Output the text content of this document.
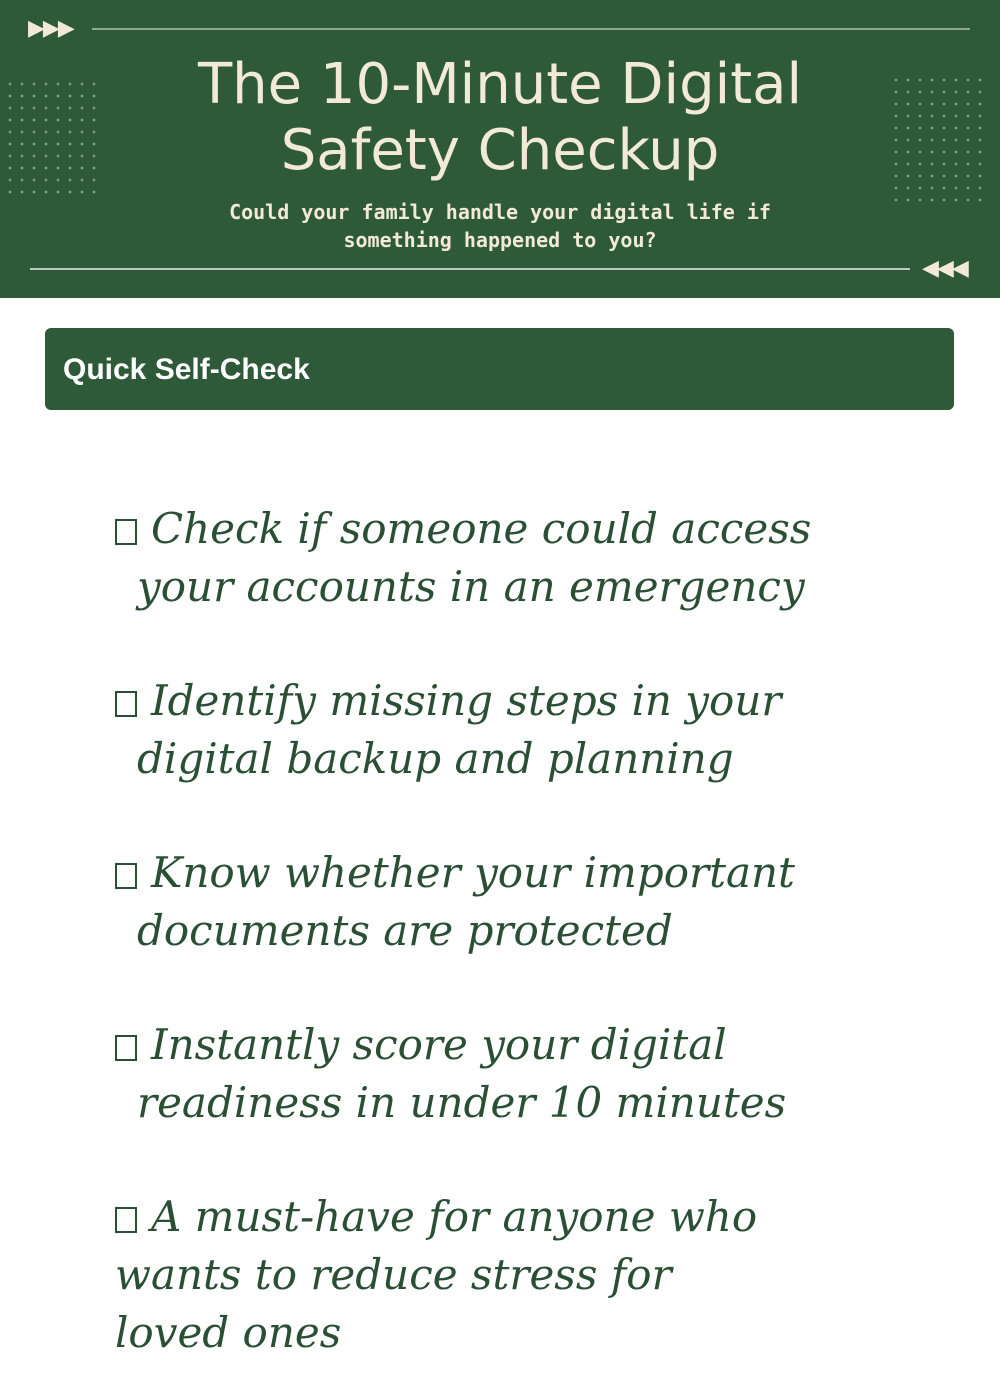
▶▶▶
The 10-Minute Digital
Safety Checkup
Could your family handle your digital life if
something happened to you?
◀◀◀
Quick Self-Check
Check if someone could access
your accounts in an emergency
Identify missing steps in your
digital backup and planning
Know whether your important
documents are protected
Instantly score your digital
readiness in under 10 minutes
A must-have for anyone who
wants to reduce stress for
loved ones
